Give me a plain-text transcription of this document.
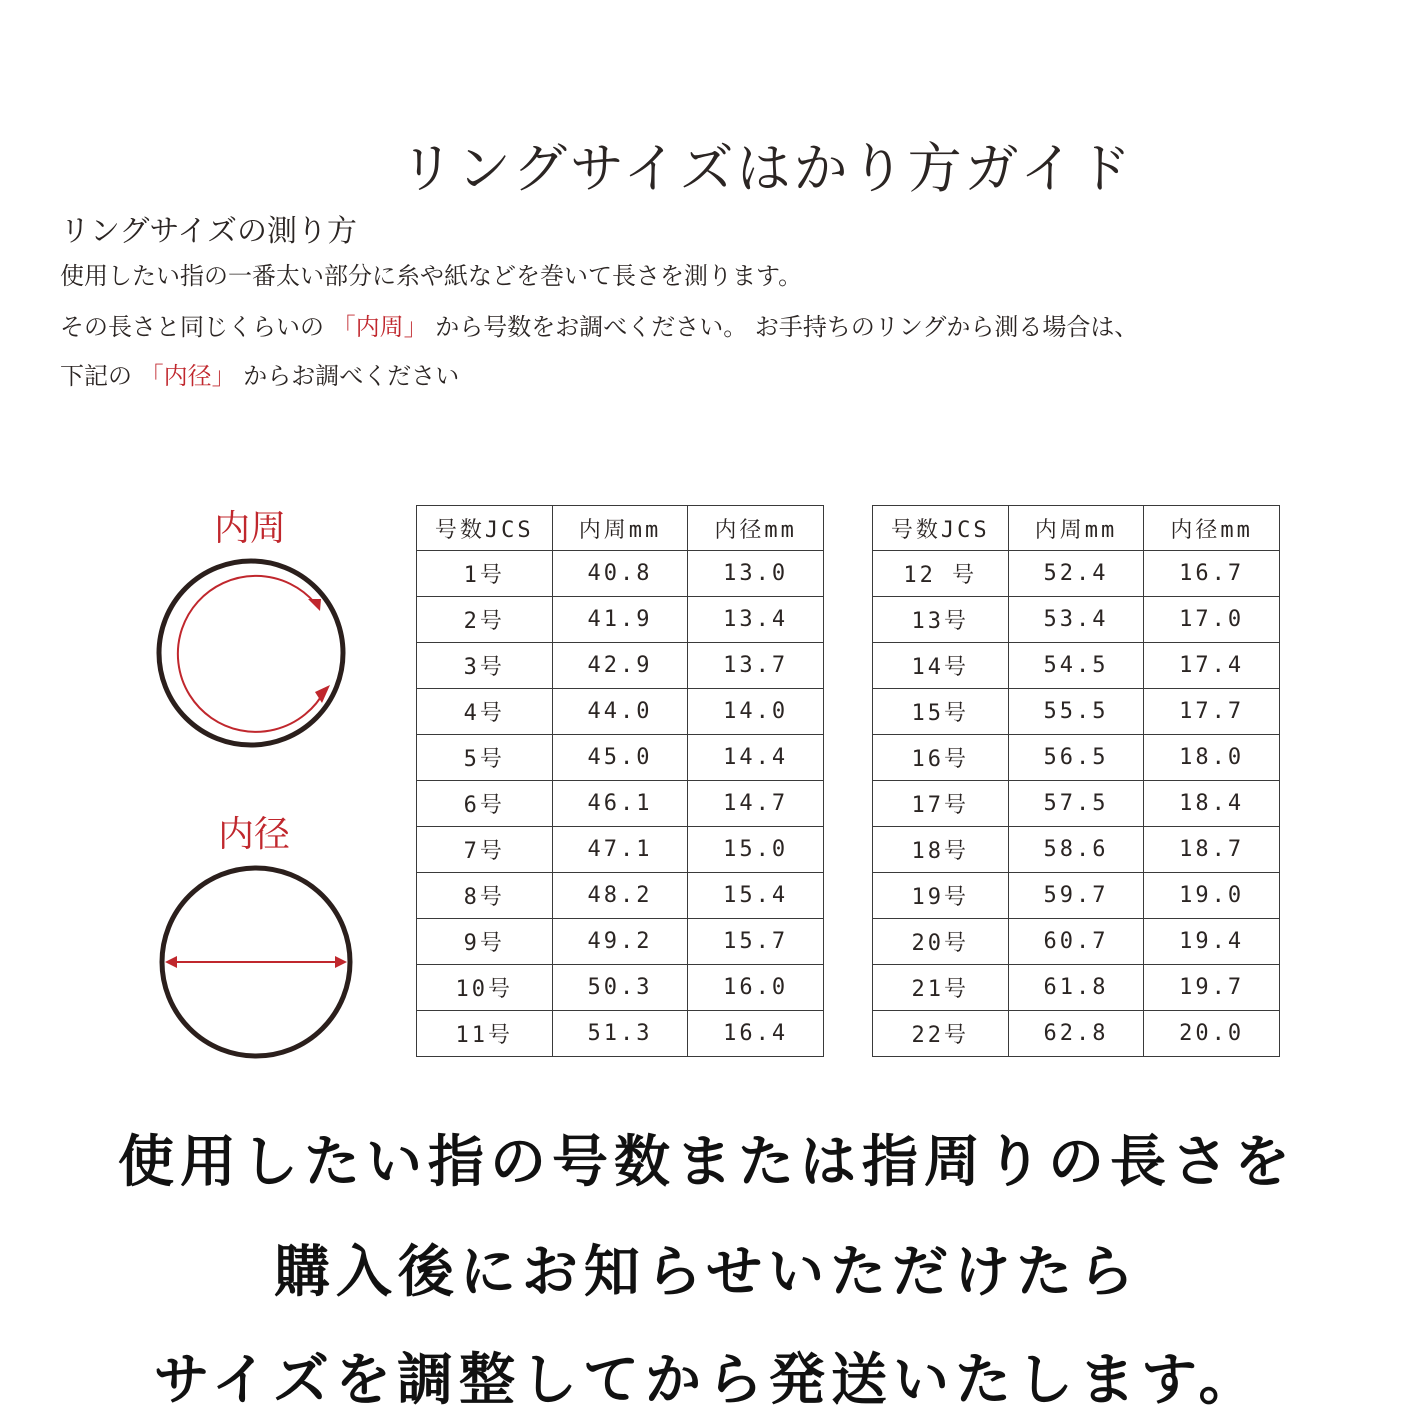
リングサイズはかり方ガイド
リングサイズの測り方
使用したい指の一番太い部分に糸や紙などを巻いて長さを測ります。
その長さと同じくらいの 「内周」 から号数をお調べください。 お手持ちのリングから測る場合は、
下記の 「内径」 からお調べください
内周
内径
号数JCS	内周mm	内径mm
1号	40.8	13.0
2号	41.9	13.4
3号	42.9	13.7
4号	44.0	14.0
5号	45.0	14.4
6号	46.1	14.7
7号	47.1	15.0
8号	48.2	15.4
9号	49.2	15.7
10号	50.3	16.0
11号	51.3	16.4
号数JCS	内周mm	内径mm
12 号	52.4	16.7
13号	53.4	17.0
14号	54.5	17.4
15号	55.5	17.7
16号	56.5	18.0
17号	57.5	18.4
18号	58.6	18.7
19号	59.7	19.0
20号	60.7	19.4
21号	61.8	19.7
22号	62.8	20.0
使用したい指の号数または指周りの長さを
購入後にお知らせいただけたら
サイズを調整してから発送いたします。
